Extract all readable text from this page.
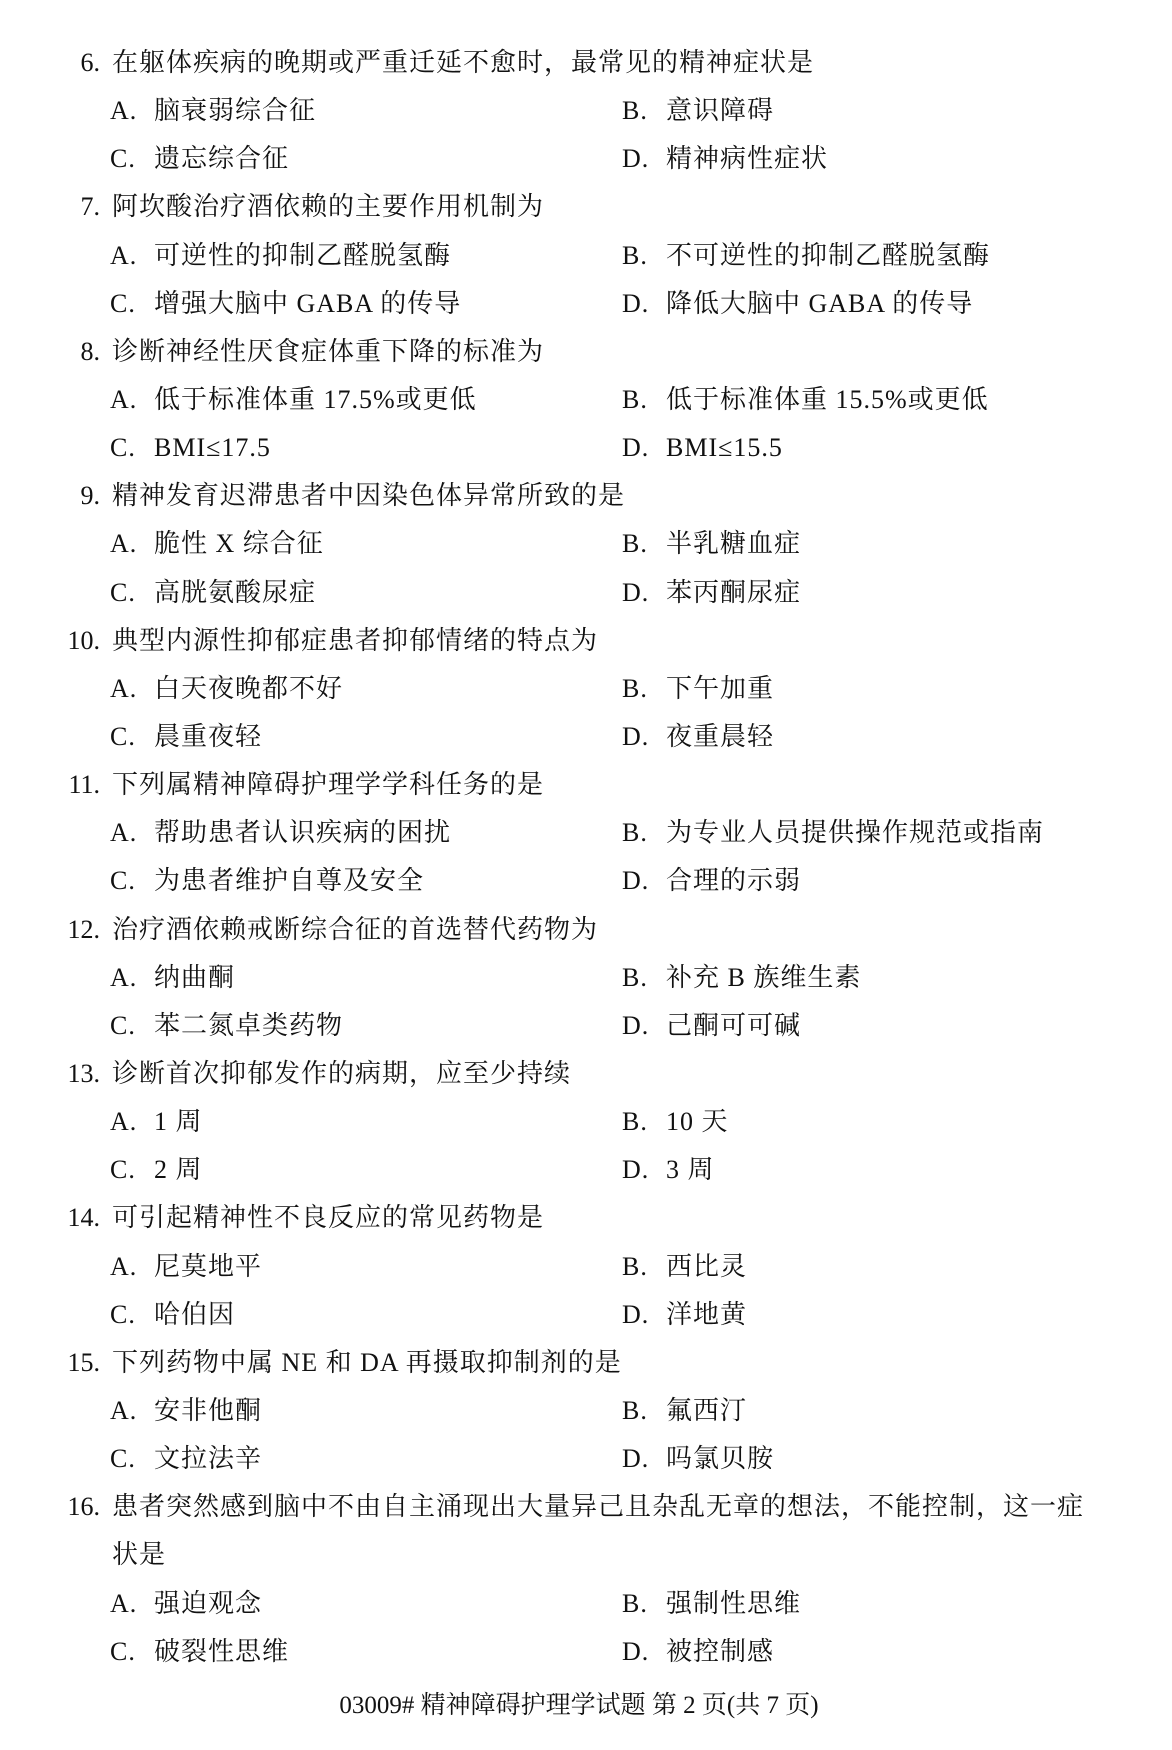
6. 在躯体疾病的晚期或严重迁延不愈时，最常见的精神症状是
A. 脑衰弱综合征	B. 意识障碍
C. 遗忘综合征	D. 精神病性症状
7. 阿坎酸治疗酒依赖的主要作用机制为
A. 可逆性的抑制乙醛脱氢酶	B. 不可逆性的抑制乙醛脱氢酶
C. 增强大脑中 GABA 的传导	D. 降低大脑中 GABA 的传导
8. 诊断神经性厌食症体重下降的标准为
A. 低于标准体重 17.5%或更低	B. 低于标准体重 15.5%或更低
C. BMI≤17.5	D. BMI≤15.5
9. 精神发育迟滞患者中因染色体异常所致的是
A. 脆性 X 综合征	B. 半乳糖血症
C. 高胱氨酸尿症	D. 苯丙酮尿症
10. 典型内源性抑郁症患者抑郁情绪的特点为
A. 白天夜晚都不好	B. 下午加重
C. 晨重夜轻	D. 夜重晨轻
11. 下列属精神障碍护理学学科任务的是
A. 帮助患者认识疾病的困扰	B. 为专业人员提供操作规范或指南
C. 为患者维护自尊及安全	D. 合理的示弱
12. 治疗酒依赖戒断综合征的首选替代药物为
A. 纳曲酮	B. 补充 B 族维生素
C. 苯二氮卓类药物	D. 己酮可可碱
13. 诊断首次抑郁发作的病期，应至少持续
A. 1 周	B. 10 天
C. 2 周	D. 3 周
14. 可引起精神性不良反应的常见药物是
A. 尼莫地平	B. 西比灵
C. 哈伯因	D. 洋地黄
15. 下列药物中属 NE 和 DA 再摄取抑制剂的是
A. 安非他酮	B. 氟西汀
C. 文拉法辛	D. 吗氯贝胺
16. 患者突然感到脑中不由自主涌现出大量异己且杂乱无章的想法，不能控制，这一症
状是
A. 强迫观念	B. 强制性思维
C. 破裂性思维	D. 被控制感
03009# 精神障碍护理学试题 第 2 页(共 7 页)
